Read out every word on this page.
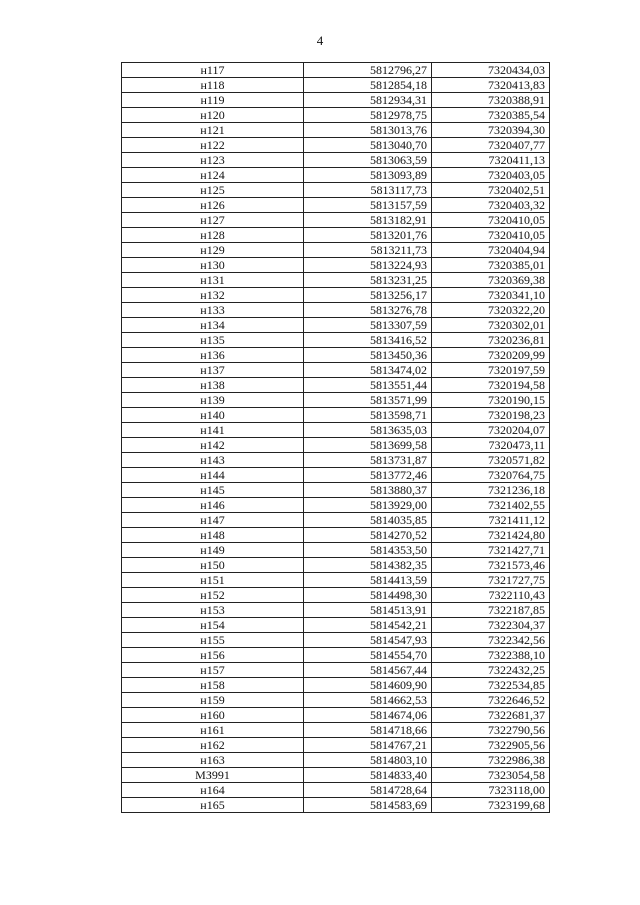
4
н117	5812796,27	7320434,03
н118	5812854,18	7320413,83
н119	5812934,31	7320388,91
н120	5812978,75	7320385,54
н121	5813013,76	7320394,30
н122	5813040,70	7320407,77
н123	5813063,59	7320411,13
н124	5813093,89	7320403,05
н125	5813117,73	7320402,51
н126	5813157,59	7320403,32
н127	5813182,91	7320410,05
н128	5813201,76	7320410,05
н129	5813211,73	7320404,94
н130	5813224,93	7320385,01
н131	5813231,25	7320369,38
н132	5813256,17	7320341,10
н133	5813276,78	7320322,20
н134	5813307,59	7320302,01
н135	5813416,52	7320236,81
н136	5813450,36	7320209,99
н137	5813474,02	7320197,59
н138	5813551,44	7320194,58
н139	5813571,99	7320190,15
н140	5813598,71	7320198,23
н141	5813635,03	7320204,07
н142	5813699,58	7320473,11
н143	5813731,87	7320571,82
н144	5813772,46	7320764,75
н145	5813880,37	7321236,18
н146	5813929,00	7321402,55
н147	5814035,85	7321411,12
н148	5814270,52	7321424,80
н149	5814353,50	7321427,71
н150	5814382,35	7321573,46
н151	5814413,59	7321727,75
н152	5814498,30	7322110,43
н153	5814513,91	7322187,85
н154	5814542,21	7322304,37
н155	5814547,93	7322342,56
н156	5814554,70	7322388,10
н157	5814567,44	7322432,25
н158	5814609,90	7322534,85
н159	5814662,53	7322646,52
н160	5814674,06	7322681,37
н161	5814718,66	7322790,56
н162	5814767,21	7322905,56
н163	5814803,10	7322986,38
МЗ991	5814833,40	7323054,58
н164	5814728,64	7323118,00
н165	5814583,69	7323199,68
